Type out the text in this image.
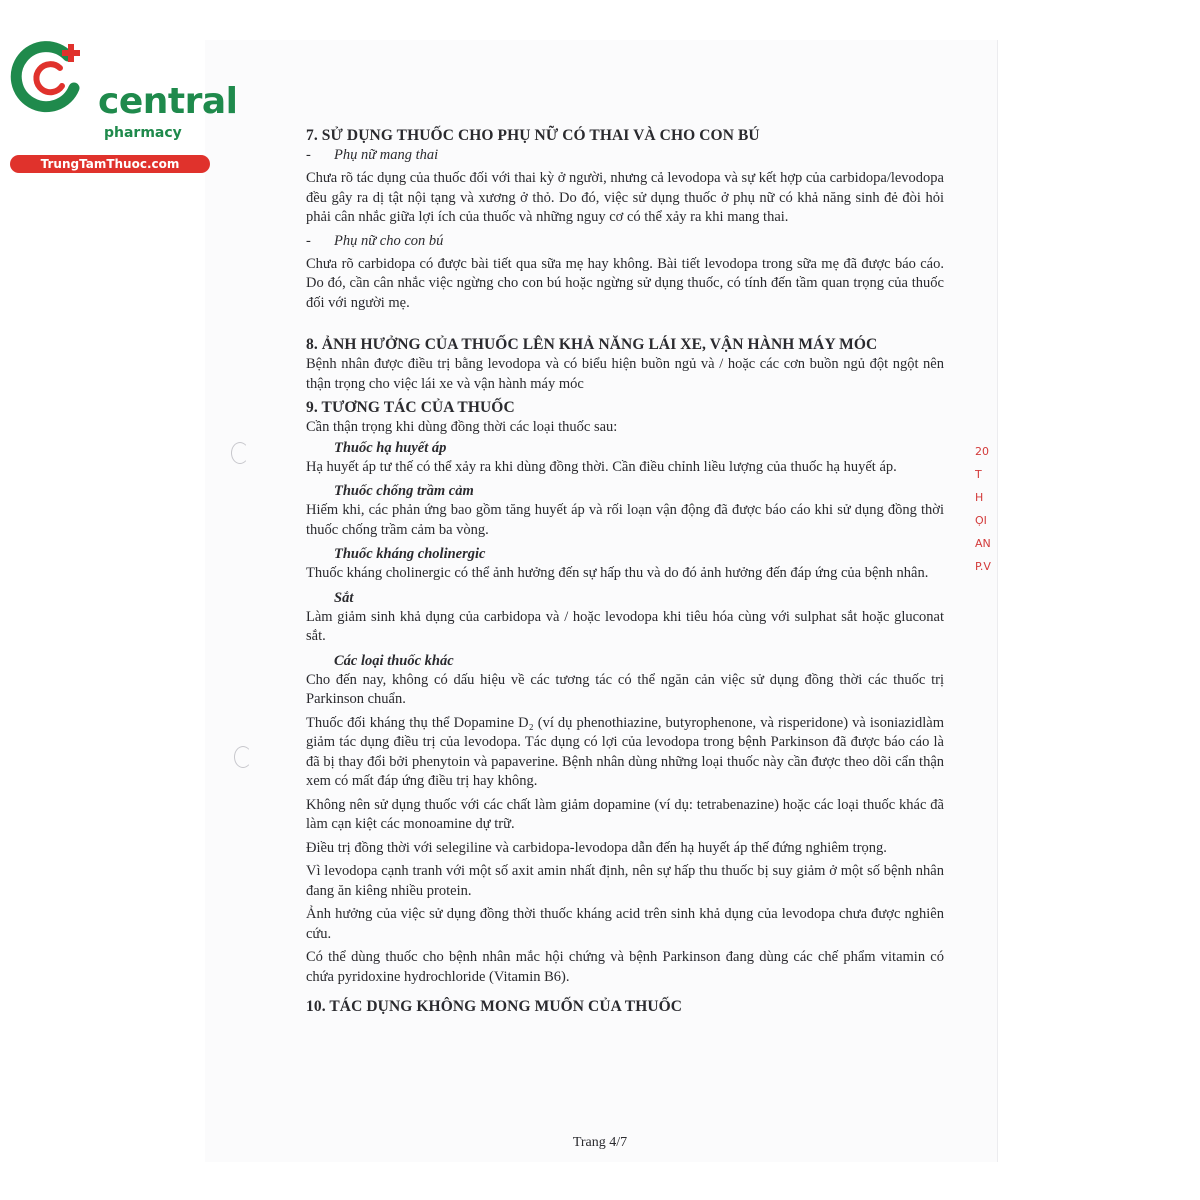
central
pharmacy
TrungTamThuoc.com
20
T
H
ỌI
AN
P.V
7. SỬ DỤNG THUỐC CHO PHỤ NỮ CÓ THAI VÀ CHO CON BÚ
- Phụ nữ mang thai

Chưa rõ tác dụng của thuốc đối với thai kỳ ở người, nhưng cả levodopa và sự kết hợp của carbidopa/levodopa đều gây ra dị tật nội tạng và xương ở thỏ. Do đó, việc sử dụng thuốc ở phụ nữ có khả năng sinh đẻ đòi hỏi phải cân nhắc giữa lợi ích của thuốc và những nguy cơ có thể xảy ra khi mang thai.

- Phụ nữ cho con bú

Chưa rõ carbidopa có được bài tiết qua sữa mẹ hay không. Bài tiết levodopa trong sữa mẹ đã được báo cáo. Do đó, cần cân nhắc việc ngừng cho con bú hoặc ngừng sử dụng thuốc, có tính đến tầm quan trọng của thuốc đối với người mẹ.

8. ẢNH HƯỞNG CỦA THUỐC LÊN KHẢ NĂNG LÁI XE, VẬN HÀNH MÁY MÓC

Bệnh nhân được điều trị bằng levodopa và có biểu hiện buồn ngủ và / hoặc các cơn buồn ngủ đột ngột nên thận trọng cho việc lái xe và vận hành máy móc

9. TƯƠNG TÁC CỦA THUỐC

Cần thận trọng khi dùng đồng thời các loại thuốc sau:

Thuốc hạ huyết áp

Hạ huyết áp tư thế có thể xảy ra khi dùng đồng thời. Cần điều chỉnh liều lượng của thuốc hạ huyết áp.

Thuốc chống trầm cảm

Hiếm khi, các phản ứng bao gồm tăng huyết áp và rối loạn vận động đã được báo cáo khi sử dụng đồng thời thuốc chống trầm cảm ba vòng.

Thuốc kháng cholinergic

Thuốc kháng cholinergic có thể ảnh hưởng đến sự hấp thu và do đó ảnh hưởng đến đáp ứng của bệnh nhân.

Sắt

Làm giảm sinh khả dụng của carbidopa và / hoặc levodopa khi tiêu hóa cùng với sulphat sắt hoặc gluconat sắt.

Các loại thuốc khác

Cho đến nay, không có dấu hiệu về các tương tác có thể ngăn cản việc sử dụng đồng thời các thuốc trị Parkinson chuẩn.

Thuốc đối kháng thụ thể Dopamine D₂ (ví dụ phenothiazine, butyrophenone, và risperidone) và isoniazidlàm giảm tác dụng điều trị của levodopa. Tác dụng có lợi của levodopa trong bệnh Parkinson đã được báo cáo là đã bị thay đổi bởi phenytoin và papaverine. Bệnh nhân dùng những loại thuốc này cần được theo dõi cẩn thận xem có mất đáp ứng điều trị hay không.

Không nên sử dụng thuốc với các chất làm giảm dopamine (ví dụ: tetrabenazine) hoặc các loại thuốc khác đã làm cạn kiệt các monoamine dự trữ.

Điều trị đồng thời với selegiline và carbidopa-levodopa dẫn đến hạ huyết áp thế đứng nghiêm trọng.

Vì levodopa cạnh tranh với một số axit amin nhất định, nên sự hấp thu thuốc bị suy giảm ở một số bệnh nhân đang ăn kiêng nhiều protein.

Ảnh hưởng của việc sử dụng đồng thời thuốc kháng acid trên sinh khả dụng của levodopa chưa được nghiên cứu.

Có thể dùng thuốc cho bệnh nhân mắc hội chứng và bệnh Parkinson đang dùng các chế phẩm vitamin có chứa pyridoxine hydrochloride (Vitamin B6).

10. TÁC DỤNG KHÔNG MONG MUỐN CỦA THUỐC
Trang 4/7
